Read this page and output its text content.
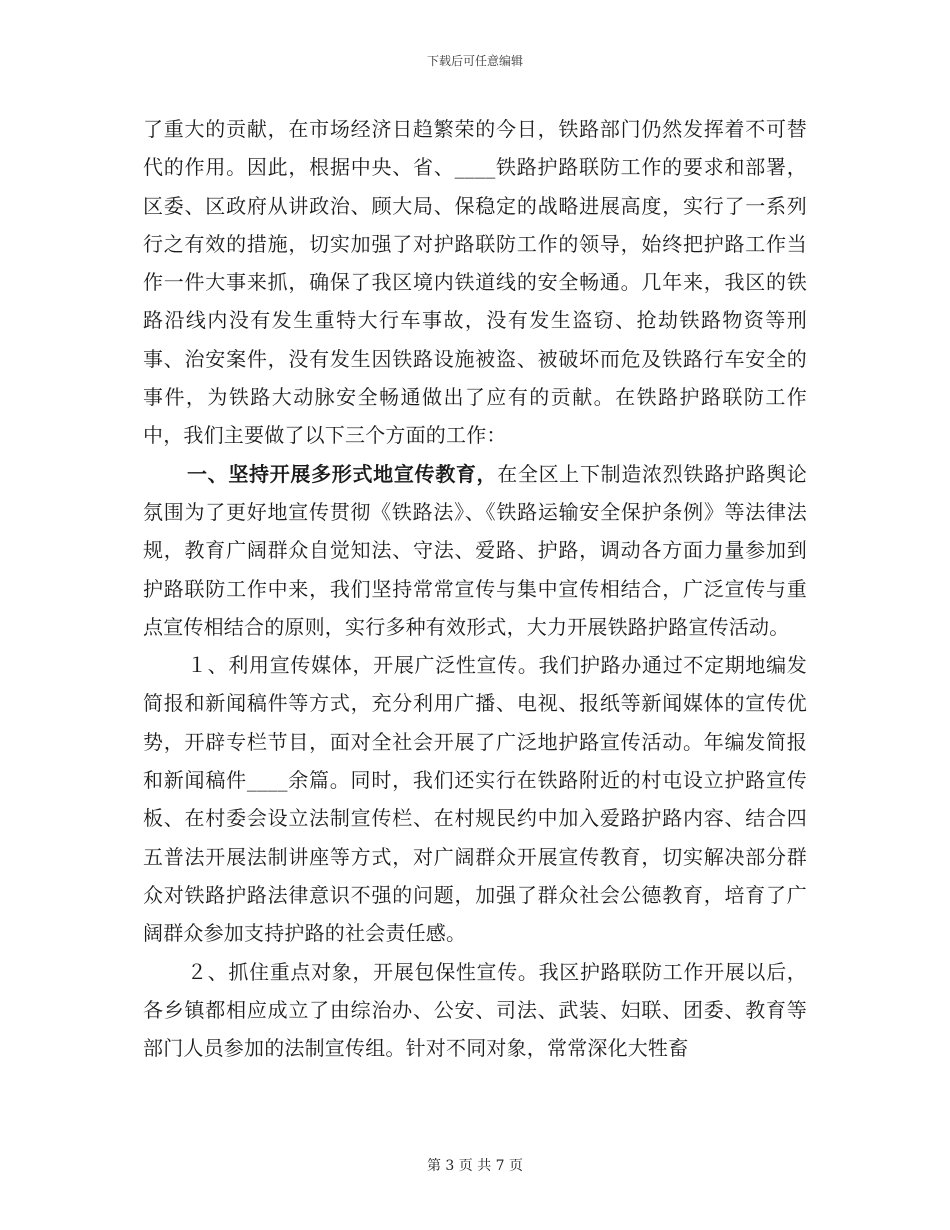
下载后可任意编辑

了重大的贡献，在市场经济日趋繁荣的今日，铁路部门仍然发挥着不可替代的作用。因此，根据中央、省、____铁路护路联防工作的要求和部署，区委、区政府从讲政治、顾大局、保稳定的战略进展高度，实行了一系列行之有效的措施，切实加强了对护路联防工作的领导，始终把护路工作当作一件大事来抓，确保了我区境内铁道线的安全畅通。几年来，我区的铁路沿线内没有发生重特大行车事故，没有发生盗窃、抢劫铁路物资等刑事、治安案件，没有发生因铁路设施被盗、被破坏而危及铁路行车安全的事件，为铁路大动脉安全畅通做出了应有的贡献。在铁路护路联防工作中，我们主要做了以下三个方面的工作：

一、坚持开展多形式地宣传教育，在全区上下制造浓烈铁路护路舆论氛围为了更好地宣传贯彻《铁路法》、《铁路运输安全保护条例》等法律法规，教育广阔群众自觉知法、守法、爱路、护路，调动各方面力量参加到护路联防工作中来，我们坚持常常宣传与集中宣传相结合，广泛宣传与重点宣传相结合的原则，实行多种有效形式，大力开展铁路护路宣传活动。

１、利用宣传媒体，开展广泛性宣传。我们护路办通过不定期地编发简报和新闻稿件等方式，充分利用广播、电视、报纸等新闻媒体的宣传优势，开辟专栏节目，面对全社会开展了广泛地护路宣传活动。年编发简报和新闻稿件____余篇。同时，我们还实行在铁路附近的村屯设立护路宣传板、在村委会设立法制宣传栏、在村规民约中加入爱路护路内容、结合四五普法开展法制讲座等方式，对广阔群众开展宣传教育，切实解决部分群众对铁路护路法律意识不强的问题，加强了群众社会公德教育，培育了广阔群众参加支持护路的社会责任感。

２、抓住重点对象，开展包保性宣传。我区护路联防工作开展以后，各乡镇都相应成立了由综治办、公安、司法、武装、妇联、团委、教育等部门人员参加的法制宣传组。针对不同对象，常常深化大牲畜

第 3 页 共 7 页
